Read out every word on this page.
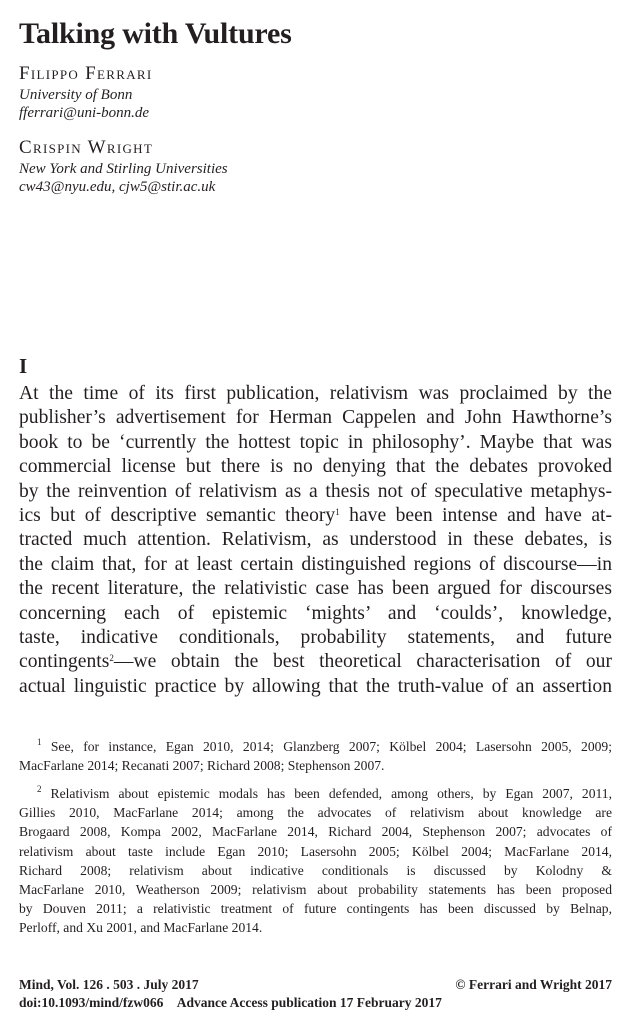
Talking with Vultures

Filippo Ferrari

University of Bonn

fferrari@uni-bonn.de

Crispin Wright

New York and Stirling Universities

cw43@nyu.edu, cjw5@stir.ac.uk

I
At the time of its first publication, relativism was proclaimed by the
publisher’s advertisement for Herman Cappelen and John Hawthorne’s
book to be ‘currently the hottest topic in philosophy’. Maybe that was
commercial license but there is no denying that the debates provoked
by the reinvention of relativism as a thesis not of speculative metaphys-
ics but of descriptive semantic theory$^1$ have been intense and have at-
tracted much attention. Relativism, as understood in these debates, is
the claim that, for at least certain distinguished regions of discourse—in
the recent literature, the relativistic case has been argued for discourses
concerning each of epistemic ‘mights’ and ‘coulds’, knowledge,
taste, indicative conditionals, probability statements, and future
contingents$^2$—we obtain the best theoretical characterisation of our
actual linguistic practice by allowing that the truth-value of an assertion
$^1$ See, for instance, Egan 2010, 2014; Glanzberg 2007; Kölbel 2004; Lasersohn 2005, 2009;
MacFarlane 2014; Recanati 2007; Richard 2008; Stephenson 2007.
$^2$ Relativism about epistemic modals has been defended, among others, by Egan 2007, 2011,
Gillies 2010, MacFarlane 2014; among the advocates of relativism about knowledge are
Brogaard 2008, Kompa 2002, MacFarlane 2014, Richard 2004, Stephenson 2007; advocates of
relativism about taste include Egan 2010; Lasersohn 2005; Kölbel 2004; MacFarlane 2014,
Richard 2008; relativism about indicative conditionals is discussed by Kolodny &
MacFarlane 2010, Weatherson 2009; relativism about probability statements has been proposed
by Douven 2011; a relativistic treatment of future contingents has been discussed by Belnap,
Perloff, and Xu 2001, and MacFarlane 2014.
Mind, Vol. 126 . 503 . July 2017	© Ferrari and Wright 2017
doi:10.1093/mind/fzw066 Advance Access publication 17 February 2017
